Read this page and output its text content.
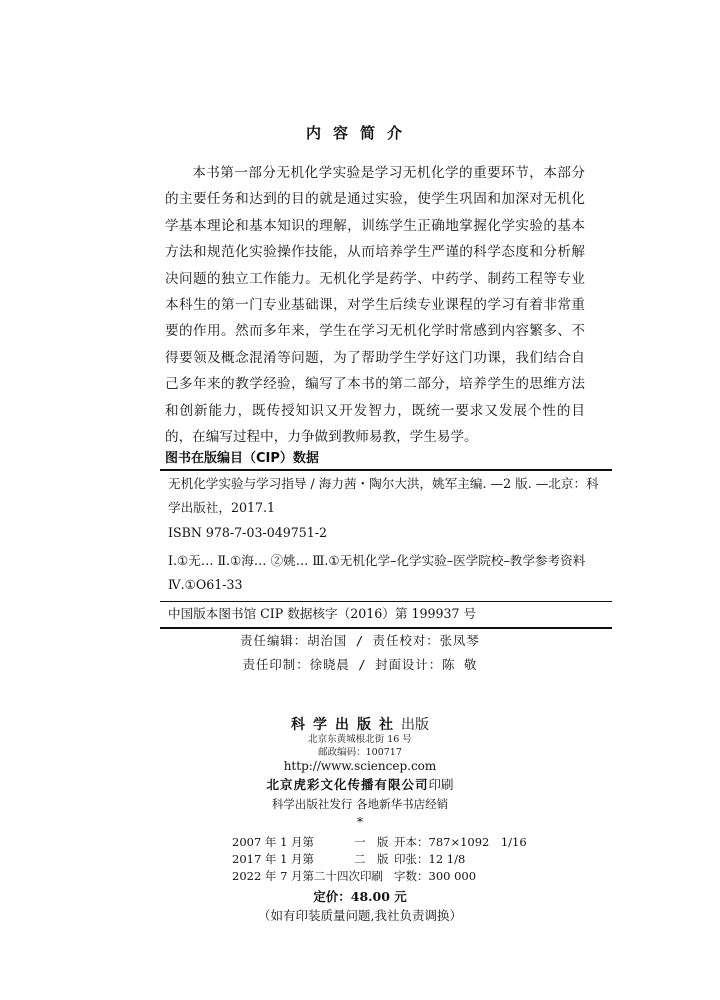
内容简介

本书第一部分无机化学实验是学习无机化学的重要环节，本部分的主要任务和达到的目的就是通过实验，使学生巩固和加深对无机化学基本理论和基本知识的理解，训练学生正确地掌握化学实验的基本方法和规范化实验操作技能，从而培养学生严谨的科学态度和分析解决问题的独立工作能力。无机化学是药学、中药学、制药工程等专业本科生的第一门专业基础课，对学生后续专业课程的学习有着非常重要的作用。然而多年来，学生在学习无机化学时常感到内容繁多、不得要领及概念混淆等问题，为了帮助学生学好这门功课，我们结合自己多年来的教学经验，编写了本书的第二部分，培养学生的思维方法和创新能力，既传授知识又开发智力，既统一要求又发展个性的目的，在编写过程中，力争做到教师易教，学生易学。

图书在版编目（CIP）数据

无机化学实验与学习指导 / 海力茜・陶尔大洪，姚军主编. —2 版. —北京：科学出版社，2017.1

ISBN 978-7-03-049751-2

Ⅰ.①无… Ⅱ.①海… ②姚… Ⅲ.①无机化学–化学实验–医学院校–教学参考资料 Ⅳ.①O61-33

中国版本图书馆 CIP 数据核字（2016）第 199937 号

责任编辑：胡治国 / 责任校对：张凤琴
责任印制：徐晓晨 / 封面设计：陈 敬
科学出版社出版
北京东黄城根北街 16 号
邮政编码：100717
http://www.sciencep.com
北京虎彩文化传播有限公司印刷
科学出版社发行 各地新华书店经销
*
2007 年 1 月第	一　版	开本：787×1092　1/16
2017 年 1 月第	二　版	印张：12 1/8
2022 年 7 月第二十四次印刷		字数：300 000
定价：48.00 元
（如有印装质量问题,我社负责调换）
